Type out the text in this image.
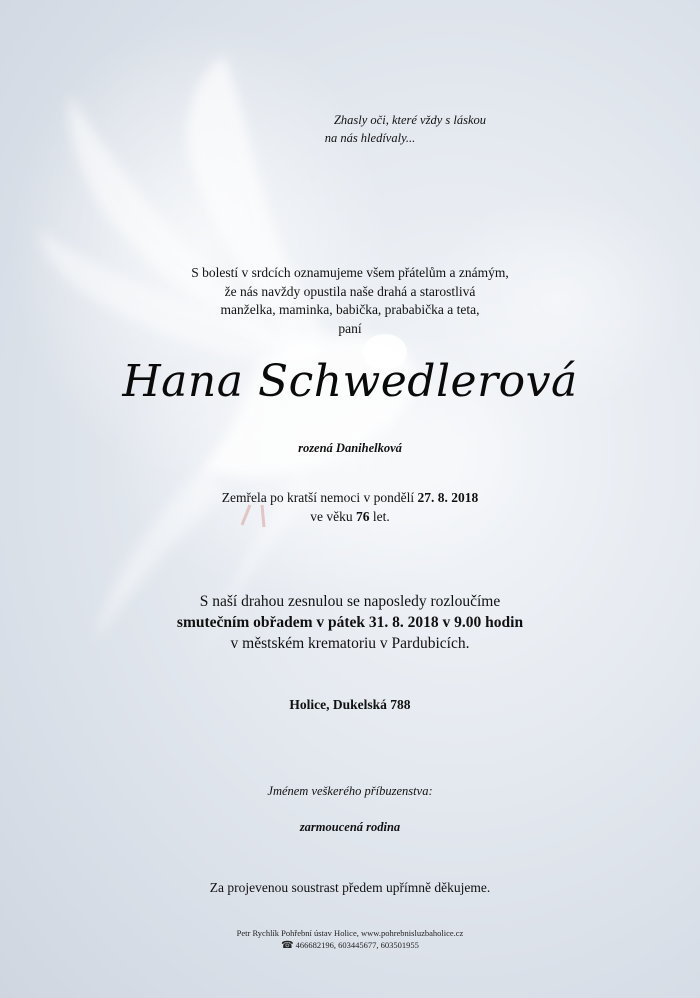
Zhasly oči, které vždy s láskou
na nás hledívaly...
S bolestí v srdcích oznamujeme všem přátelům a známým,
že nás navždy opustila naše drahá a starostlivá
manželka, maminka, babička, prababička a teta,
paní
Hana Schwedlerová
rozená Danihelková
Zemřela po kratší nemoci v pondělí 27. 8. 2018
ve věku 76 let.
S naší drahou zesnulou se naposledy rozloučíme
smutečním obřadem v pátek 31. 8. 2018 v 9.00 hodin
v městském krematoriu v Pardubicích.
Holice, Dukelská 788
Jménem veškerého příbuzenstva:
zarmoucená rodina
Za projevenou soustrast předem upřímně děkujeme.
Petr Rychlík Pohřební ústav Holice, www.pohrebnisluzbaholice.cz
☎ 466682196, 603445677, 603501955
